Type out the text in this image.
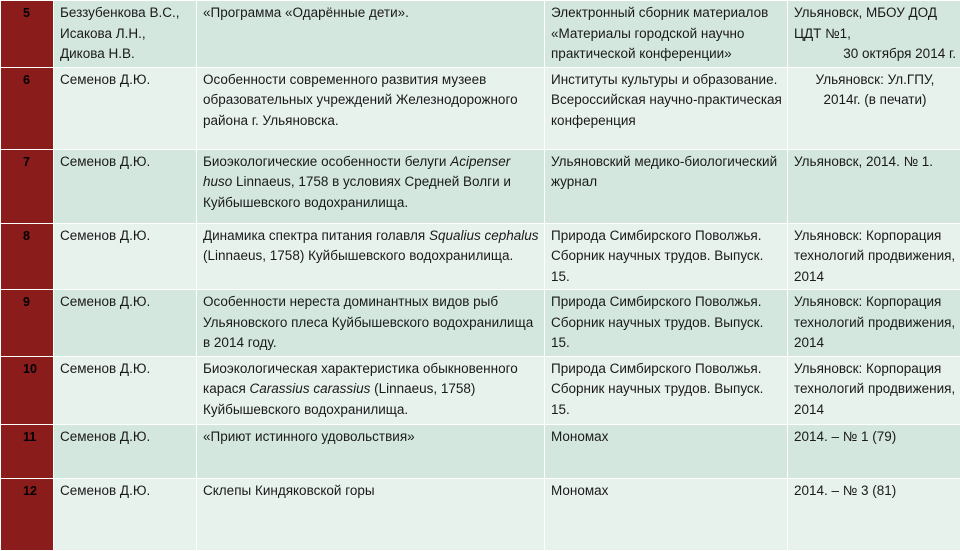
5	Беззубенкова В.С., Исакова Л.Н., Дикова Н.В.	«Программа «Одарённые дети».	Электронный сборник материалов «Материалы городской научно практической конференции»	Ульяновск, МБОУ ДОД ЦДТ №1,
30 октября 2014 г.

6	Семенов Д.Ю.	Особенности современного развития музеев образовательных учреждений Железнодорожного района г. Ульяновска.	Институты культуры и образование. Всероссийская научно-практическая конференция	Ульяновск: Ул.ГПУ,
2014г. (в печати)

7	Семенов Д.Ю.	Биоэкологические особенности белуги Acipenser huso Linnaeus, 1758 в условиях Средней Волги и Куйбышевского водохранилища.	Ульяновский медико-биологический журнал	Ульяновск, 2014. № 1.
8	Семенов Д.Ю.	Динамика спектра питания голавля Squalius cephalus (Linnaeus, 1758) Куйбышевского водохранилища.	Природа Симбирского Поволжья. Сборник научных трудов. Выпуск. 15.	Ульяновск: Корпорация технологий продвижения, 2014
9	Семенов Д.Ю.	Особенности нереста доминантных видов рыб Ульяновского плеса Куйбышевского водохранилища в 2014 году.	Природа Симбирского Поволжья. Сборник научных трудов. Выпуск. 15.	Ульяновск: Корпорация технологий продвижения, 2014
10	Семенов Д.Ю.	Биоэкологическая характеристика обыкновенного карася Carassius carassius (Linnaeus, 1758) Куйбышевского водохранилища.	Природа Симбирского Поволжья. Сборник научных трудов. Выпуск. 15.	Ульяновск: Корпорация технологий продвижения, 2014
11	Семенов Д.Ю.	«Приют истинного удовольствия»	Мономах	2014. – № 1 (79)
12	Семенов Д.Ю.	Склепы Киндяковской горы	Мономах	2014. – № 3 (81)
